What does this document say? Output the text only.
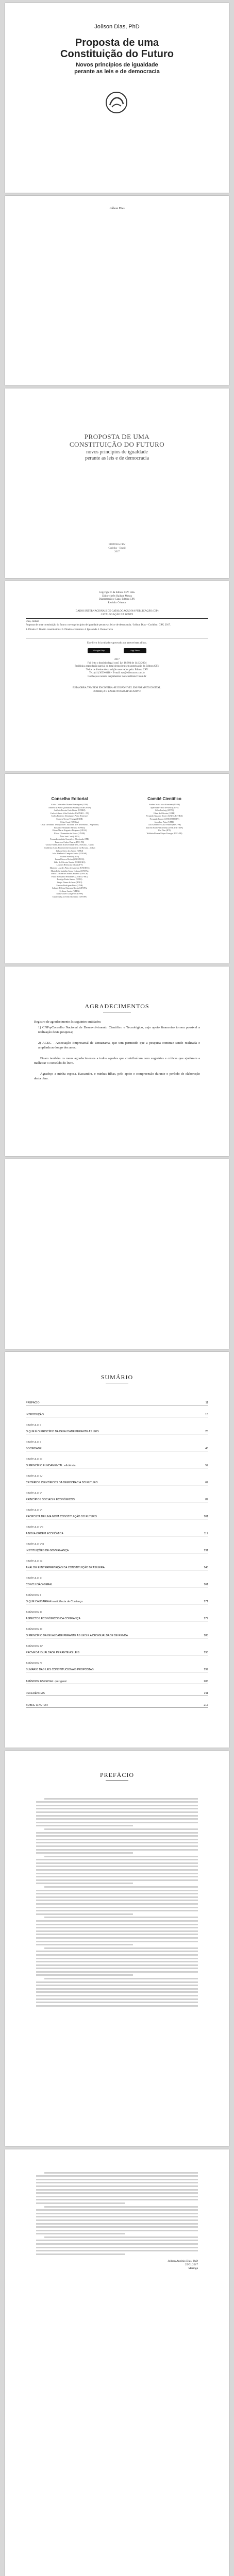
Joílson Dias, PhD
Proposta de uma
Constituição do Futuro
Novos princípios de igualdade
perante as leis e de democracia
Joílson Dias
PROPOSTA DE UMA
CONSTITUIÇÃO DO FUTURO
novos princípios de igualdade
perante as leis e de democracia
EDITORA CRV
Curitiba – Brasil
2017
Copyright © da Editora CRV Ltda.
Editor-chefe: Railson Moura
Diagramação e Capa: Editora CRV
Revisão: O Autor
DADOS INTERNACIONAIS DE CATALOGAÇÃO NA PUBLICAÇÃO (CIP)
CATALOGAÇÃO NA FONTE
Dias, Joílson
Proposta de uma constituição do futuro: novos princípios de igualdade perante as leis e de democracia / Joílson Dias – Curitiba : CRV, 2017.
1. Direito 2. Direito constitucional 3. Direito econômico 4. Igualdade 5. Democracia
Este livro foi avaliado e aprovado por pareceristas ad hoc.
Google Play	App Store
2017
Foi feito o depósito legal conf. Lei 10.994 de 14/12/2004
Proibida a reprodução parcial ou total desta obra sem autorização da Editora CRV
Todos os direitos desta edição reservados pela: Editora CRV
Tel.: (41) 3039-6418 - E-mail: sac@editoracrv.com.br
Conheça os nossos lançamentos: www.editoracrv.com.br
ESTA OBRA TAMBÉM ENCONTRA-SE DISPONÍVEL EM FORMATO DIGITAL.
CONHEÇA E BAIXE NOSSO APLICATIVO!
Conselho Editorial
Aldira Guimarães Duarte Domínguez (UNB)
Andréia da Silva Quintanilha Sousa (UNIR/UFRN)
Antônio Pereira Gaio Júnior (UFRRJ)
Carlos Alberto Vilar Estêvão (UMINHO – PT)
Carlos Federico Dominguez Avila (Unieuro)
Carmen Tereza Velanga (UNIR)
Celso Conti (UFSCar)
Cesar Gerónimo Tello (Univer .Nacional Três de Febrero – Argentina)
Eduardo Fernandes Barbosa (UFMG)
Elione Maria Nogueira Diogenes (UFAL)
Elizeu Clementino de Souza (UNEB)
Élsio José Corá (UFFS)
Fernando Antônio Gonçalves Alcoforado (IPB)
Francisco Carlos Duarte (PUC-PR)
Gloria Fariñas León (Universidade de La Havana – Cuba)
Guillermo Arias Beatón (Universidade de La Havana – Cuba)
Jailson Alves dos Santos (UFRJ)
João Adalberto Campato Junior (UNESP)
Josania Portela (UFPI)
Leonel Severo Rocha (UNISINOS)
Lídia de Oliveira Xavier (UNIEURO)
Lourdes Helena da Silva (UFV)
Maria de Lourdes Pinto de Almeida (UNOESC)
Maria Lília Imbiriba Sousa Colares (UFOPA)
Maria Cristina dos Santos Bezerra (UFSCar)
Paulo Romualdo Hernandes (UNIFAL-MG)
Rodrigo Pratte-Santos (UFES)
Sérgio Nunes de Jesus (IFRO)
Simone Rodrigues Pinto (UNB)
Solange Helena Ximenes-Rocha (UFOPA)
Sydione Santos (UEPG)
Tadeu Oliver Gonçalves (UFPA)
Tania Suely Azevedo Brasileiro (UFOPA)
Comitê Científico
Andrea Maila Voss Kominek (UFPR)
Aparecida Vieira de Melo (UFPE)
Celso Ludwig (UFPR)
Elane de Oliveira (UFPR)
Fernando Gustavo Knoerr (UNICURITIBA)
Fernando Knoerr (UNICURITIBA)
Jaqueline Pinto (UFPR)
Luís Alexandre Carta Winter (PUC-PR)
Marcelo Paulo Wacheleski (UNICURITIBA)
Rui Dias (IPT)
Walkiria Bianca Mayer Krueger (PUC-PR)
AGRADECIMENTOS
Registro de agradecimento às seguintes entidades:
1) CNPq-Conselho Nacional de Desenvolvimento Científico e Tecnológico, cujo apoio financeiro tornou possível a realização desta pesquisa;
2) ACEG - Associação Empresarial de Umuarama, que tem permitido que a pesquisa continue sendo realizada e ampliada ao longo dos anos;
Ficam também os meus agradecimentos a todos aqueles que contribuíram com sugestões e críticas que ajudaram a melhorar o conteúdo do livro.
Agradeço a minha esposa, Kassandra, e minhas filhas, pelo apoio e compreensão durante o período de elaboração desta obra.
SUMÁRIO
PREFÁCIO	11
INTRODUÇÃO	15
CAPÍTULO I
O QUE É O PRINCÍPIO DA IGUALDADE PERANTE AS LEIS	25
CAPÍTULO II
SOCIEDADE	43
CAPÍTULO III
O PRINCÍPIO FUNDAMENTAL: eficiência	57
CAPÍTULO IV
CRITÉRIOS CIENTÍFICOS DA DEMOCRACIA DO FUTURO	67
CAPÍTULO V
PRINCÍPIOS SOCIAIS E ECONÔMICOS	87
CAPÍTULO VI
PROPOSTA DE UMA NOVA CONSTITUIÇÃO DO FUTURO	101
CAPÍTULO VII
A NOVA ORDEM ECONÔMICA	117
CAPÍTULO VIII
INSTITUIÇÕES DE GOVERNANÇA	131
CAPÍTULO IX
ANÁLISE E INTERPRETAÇÃO DA CONSTITUIÇÃO BRASILEIRA	145
CAPÍTULO X
CONCLUSÃO GERAL	161
APÊNDICE I
O QUE CAUSARIA A insuficiência de Confiança	171
APÊNDICE II
ASPECTOS ECONÔMICOS DA CONFIANÇA	177
APÊNDICE III
O PRINCÍPIO DA IGUALDADE PERANTE AS LEIS E A DESIGUALDADE DE RENDA	185
APÊNDICE IV
PROVA DA IGUALDADE PERANTE AS LEIS	193
APÊNDICE V
SUMÁRIO DAS LEIS CONSTITUCIONAIS PROPOSTAS	199
APÊNDICE ESPECIAL: quiz geral	205
REFERÊNCIAS	211
SOBRE O AUTOR	217
PREFÁCIO
Joílson Antônio Dias, PhD
25/01/2017
Maringá
